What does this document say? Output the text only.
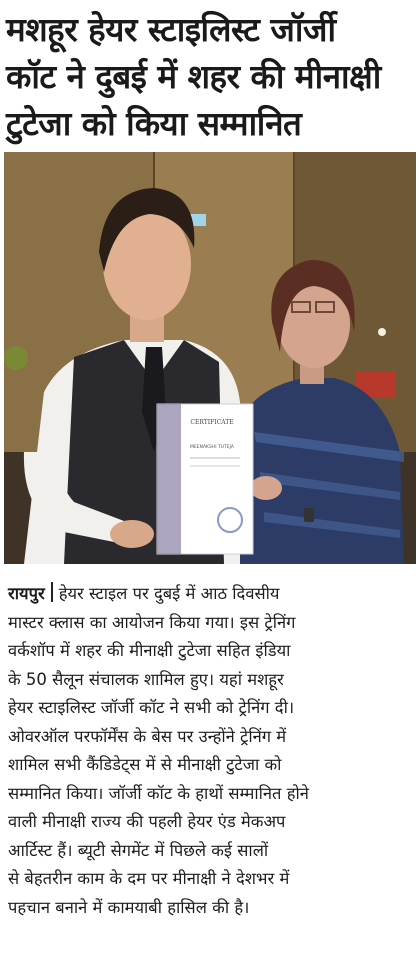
मशहूर हेयर स्टाइलिस्ट जॉर्जी
कॉट ने दुबई में शहर की मीनाक्षी
टुटेजा को किया सम्मानित
CERTIFICATE
MEENAKSHI TUTEJA
रायपुर हेयर स्टाइल पर दुबई में आठ दिवसीय
मास्टर क्लास का आयोजन किया गया। इस ट्रेनिंग
वर्कशॉप में शहर की मीनाक्षी टुटेजा सहित इंडिया
के 50 सैलून संचालक शामिल हुए। यहां मशहूर
हेयर स्टाइलिस्ट जॉर्जी कॉट ने सभी को ट्रेनिंग दी।
ओवरऑल परफॉर्मेंस के बेस पर उन्होंने ट्रेनिंग में
शामिल सभी कैंडिडेट्स में से मीनाक्षी टुटेजा को
सम्मानित किया। जॉर्जी कॉट के हाथों सम्मानित होने
वाली मीनाक्षी राज्य की पहली हेयर एंड मेकअप
आर्टिस्ट हैं। ब्यूटी सेगमेंट में पिछले कई सालों
से बेहतरीन काम के दम पर मीनाक्षी ने देशभर में
पहचान बनाने में कामयाबी हासिल की है।
